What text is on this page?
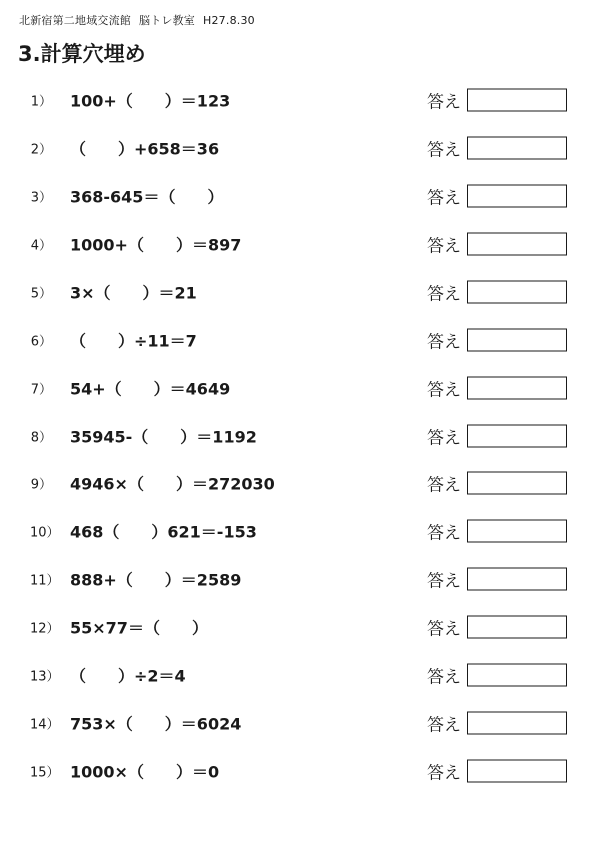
北新宿第二地域交流館 脳トレ教室 H27.8.30
3.計算穴埋め
1） 100+（　　）＝123	答え
2） （　　）+658＝36	答え
3） 368-645＝（　　）	答え
4） 1000+（　　）＝897	答え
5） 3×（　　）＝21	答え
6） （　　）÷11＝7	答え
7） 54+（　　）＝4649	答え
8） 35945-（　　）＝1192	答え
9） 4946×（　　）＝272030	答え
10） 468（　　）621＝-153	答え
11） 888+（　　）＝2589	答え
12） 55×77＝（　　）	答え
13） （　　）÷2＝4	答え
14） 753×（　　）＝6024	答え
15） 1000×（　　）＝0	答え
